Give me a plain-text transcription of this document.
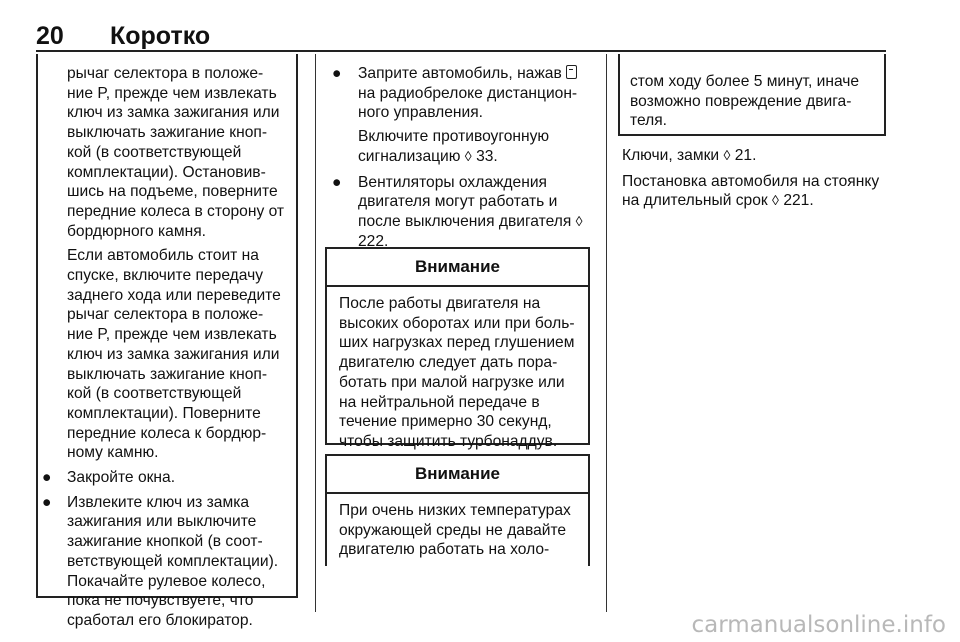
20 Коротко

рычаг селектора в положе-ние P, прежде чем извлекать ключ из замка зажигания или выключать зажигание кноп-кой (в соответствующей комплектации). Остановив-шись на подъеме, поверните передние колеса в сторону от бордюрного камня.

Если автомобиль стоит на спуске, включите передачу заднего хода или переведите рычаг селектора в положе-ние P, прежде чем извлекать ключ из замка зажигания или выключать зажигание кноп-кой (в соответствующей комплектации). Поверните передние колеса к бордюр-ному камню.

● Закройте окна.
● Извлеките ключ из замка зажигания или выключите зажигание кнопкой (в соот-ветствующей комплектации). Покачайте рулевое колесо, пока не почувствуете, что сработал его блокиратор.
● Заприте автомобиль, нажав  на радиобрелоке дистанцион-ного управления.

Включите противоугонную сигнализацию ◊ 33.

● Вентиляторы охлаждения двигателя могут работать и после выключения двигателя ◊ 222.
Внимание
После работы двигателя на высоких оборотах или при боль-ших нагрузках перед глушением двигателю следует дать пора-ботать при малой нагрузке или на нейтральной передаче в течение примерно 30 секунд, чтобы защитить турбонаддув.
Внимание
При очень низких температурах окружающей среды не давайте двигателю работать на холо-
стом ходу более 5 минут, иначе возможно повреждение двига-теля.

Ключи, замки ◊ 21.

Постановка автомобиля на стоянку на длительный срок ◊ 221.

carmanualsonline.info
